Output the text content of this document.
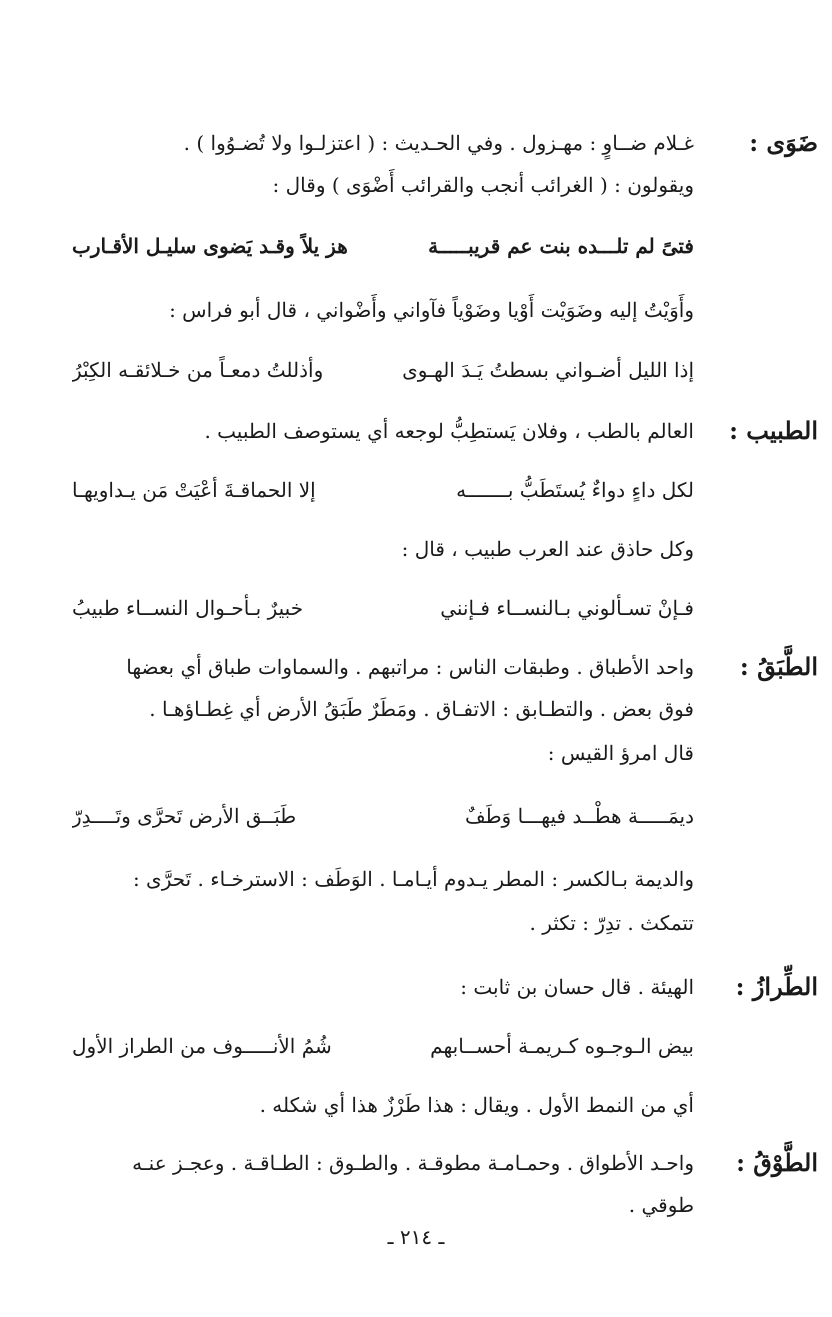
ضَوَى :
غـلام ضــاوٍ : مهـزول . وفي الحـديث : ( اعتزلـوا ولا تُضـوُوا ) .
ويقولون : ( الغرائب أنجب والقرائب أَضْوَى ) وقال :
فتىً لم تلـــده بنت عم قريبـــــة
هز يلاً وقـد يَضوى سليـل الأقـارب
وأَوَيْتُ إليه وضَوَيْت أَوْيا وضَوْياً فآواني وأَضْواني ، قال أبو فراس :
إذا الليل أضـواني بسطتُ يَـدَ الهـوى
وأذللتُ دمعـاً من خـلائقـه الكِبْرُ
الطبيب :
العالم بالطب ، وفلان يَستطِبُّ لوجعه أي يستوصف الطبيب .
لكل داءٍ دواءٌ يُستَطَبُّ بـــــــه
إلا الحماقـةَ أعْيَتْ مَن يـداويهـا
وكل حاذق عند العرب طبيب ، قال :
فـإنْ تسـألوني بـالنســاء فـإنني
خبيرٌ بـأحـوال النســاء طبيبُ
الطَّبَقُ :
واحد الأطباق . وطبقات الناس : مراتبهم . والسماوات طباق أي بعضها
فوق بعض . والتطـابق : الاتفـاق . ومَطَرٌ طَبَقُ الأرض أي غِطـاؤهـا .
قال امرؤ القيس :
ديمَـــــة هطْــد فيهـــا وَطَفٌ
طَبَــق الأرض تَحرَّى وتَــــدِرّ
والديمة بـالكسر : المطر يـدوم أيـامـا . الوَطَف : الاسترخـاء . تَحرَّى :
تتمكث . تدِرّ : تكثر .
الطِّرازُ :
الهيئة . قال حسان بن ثابت :
بيض الـوجـوه كـريمـة أحســابهم
شُمُ الأنـــــوف من الطراز الأول
أي من النمط الأول . ويقال : هذا طَرْزٌ هذا أي شكله .
الطَّوْقُ :
واحـد الأطواق . وحمـامـة مطوقـة . والطـوق : الطـاقـة . وعجـز عنـه
طوقي .
ـ ٢١٤ ـ
